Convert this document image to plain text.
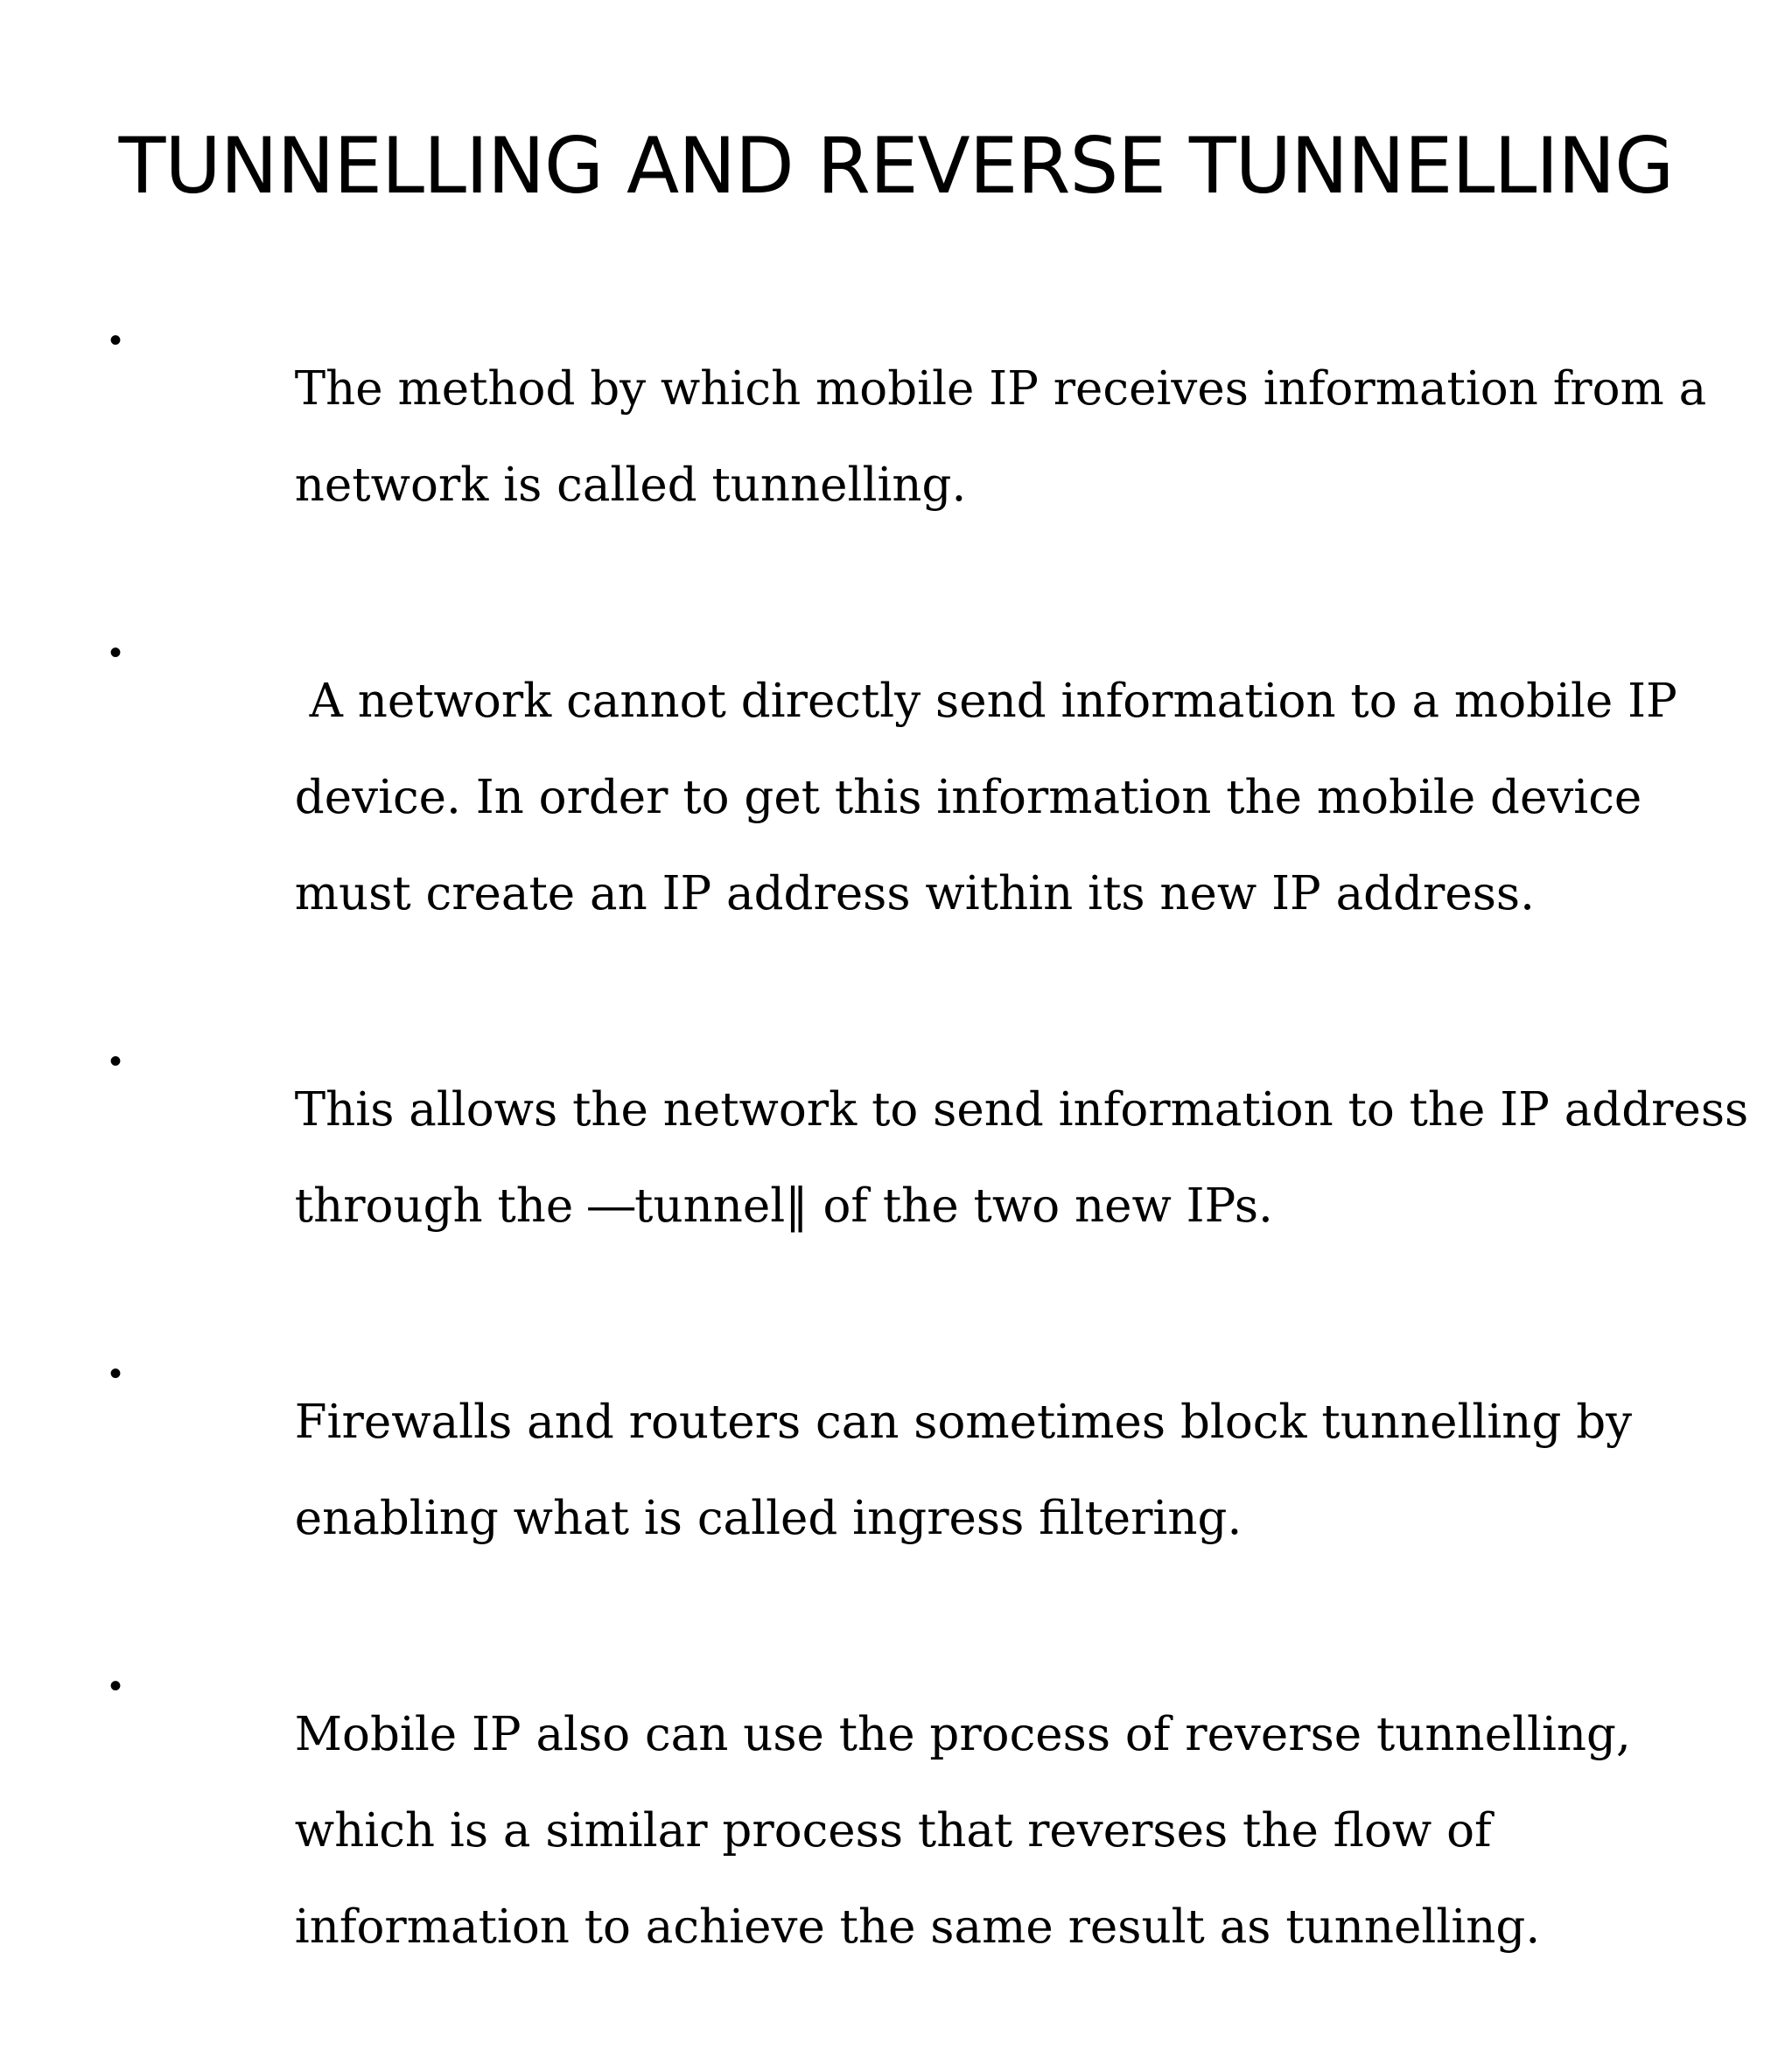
TUNNELLING AND REVERSE TUNNELLING
•

The method by which mobile IP receives information from a

network is called tunnelling.

•

A network cannot directly send information to a mobile IP

device. In order to get this information the mobile device

must create an IP address within its new IP address.

•

This allows the network to send information to the IP address

through the ―tunnel‖ of the two new IPs.

•

Firewalls and routers can sometimes block tunnelling by

enabling what is called ingress filtering.

•

Mobile IP also can use the process of reverse tunnelling,

which is a similar process that reverses the flow of

information to achieve the same result as tunnelling.
